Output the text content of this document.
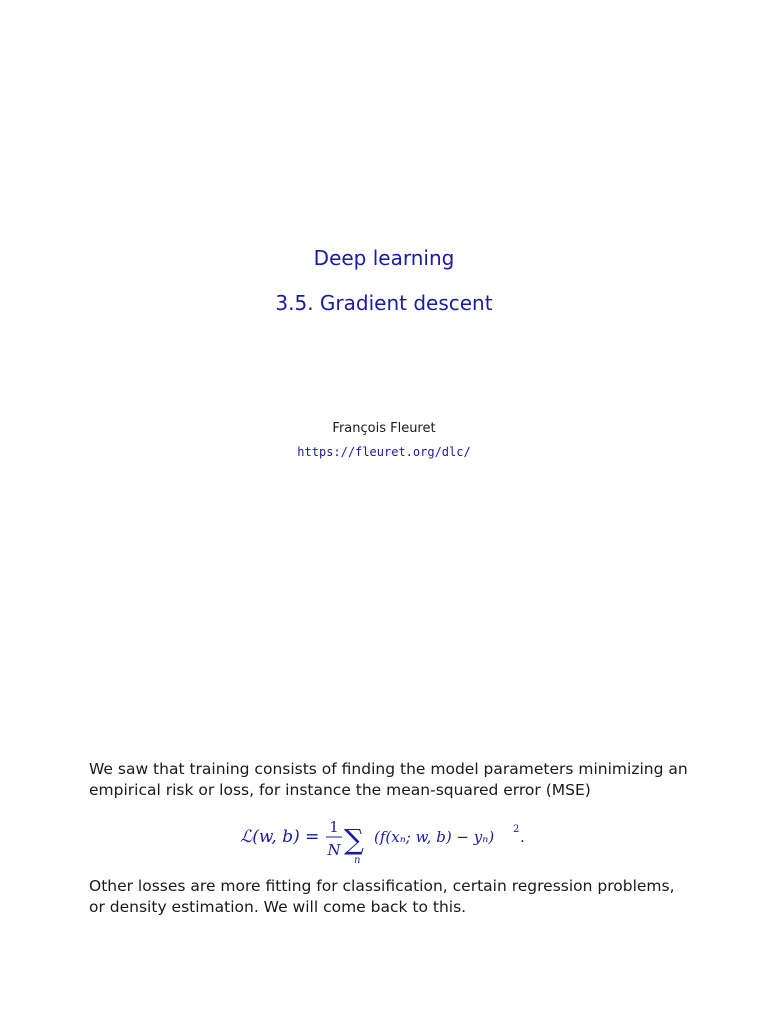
Deep learning
3.5. Gradient descent
François Fleuret
https://fleuret.org/dlc/
We saw that training consists of finding the model parameters minimizing an empirical risk or loss, for instance the mean-squared error (MSE)
ℒ(w, b) = 1
N ∑
n
(f(xₙ; w, b) − yₙ) 2 .
Other losses are more fitting for classification, certain regression problems, or density estimation. We will come back to this.
